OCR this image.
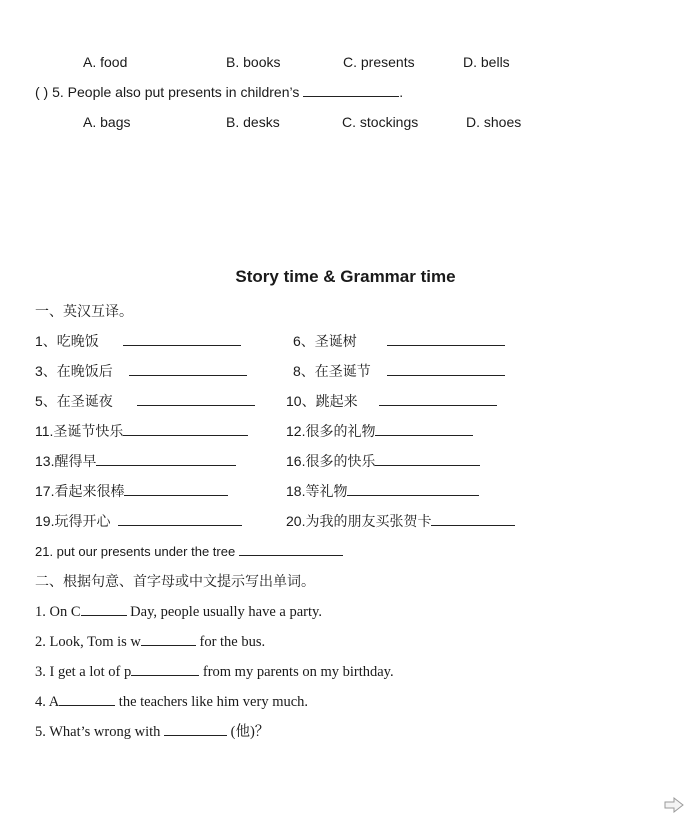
A. food	B. books	C. presents	D. bells
( ) 5. People also put presents in children’s	.
A. bags	B. desks	C. stockings	D. shoes
Story time & Grammar time
一、英汉互译。
1、吃晚饭	6、圣诞树
3、在晚饭后	8、在圣诞节
5、在圣诞夜	10、跳起来
11.圣诞节快乐	12.很多的礼物
13.醒得早	16.很多的快乐
17.看起来很棒	18.等礼物
19.玩得开心	20.为我的朋友买张贺卡
21. put our presents under the tree
二、根据句意、首字母或中文提示写出单词。
1. On C	Day, people usually have a party.
2. Look, Tom is w	for the bus.
3. I get a lot of p	from my parents on my birthday.
4. A	the teachers like him very much.
5. What’s wrong with	(他)？
